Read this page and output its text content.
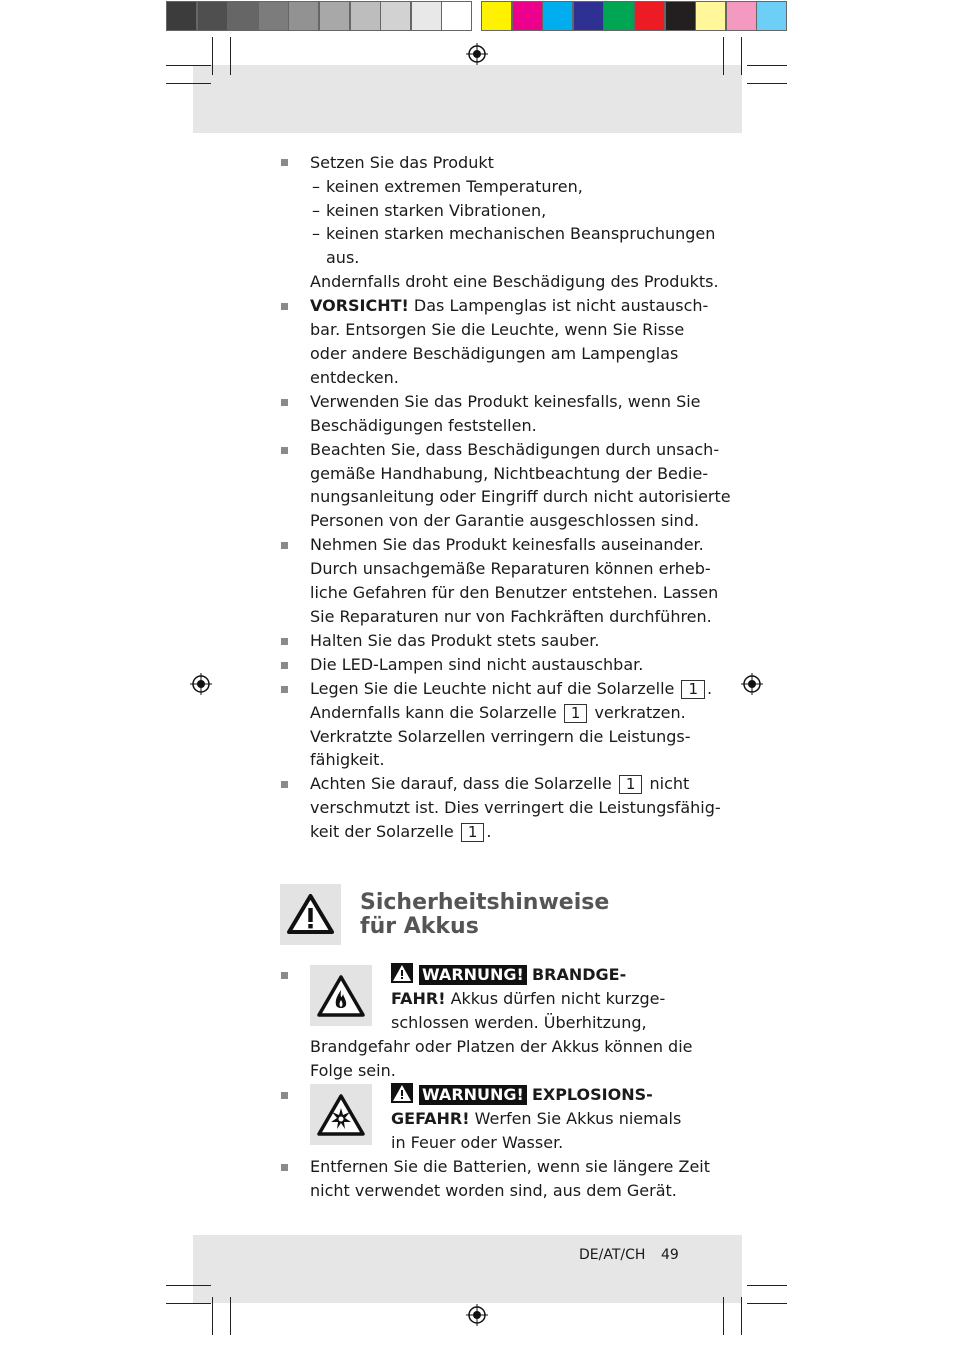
Setzen Sie das Produkt
– keinen extremen Temperaturen,
– keinen starken Vibrationen,
– keinen starken mechanischen Beanspruchungen
aus.
Andernfalls droht eine Beschädigung des Produkts.
VORSICHT! Das Lampenglas ist nicht austausch-
bar. Entsorgen Sie die Leuchte, wenn Sie Risse
oder andere Beschädigungen am Lampenglas
entdecken.
Verwenden Sie das Produkt keinesfalls, wenn Sie
Beschädigungen feststellen.
Beachten Sie, dass Beschädigungen durch unsach-
gemäße Handhabung, Nichtbeachtung der Bedie-
nungsanleitung oder Eingriff durch nicht autorisierte
Personen von der Garantie ausgeschlossen sind.
Nehmen Sie das Produkt keinesfalls auseinander.
Durch unsachgemäße Reparaturen können erheb-
liche Gefahren für den Benutzer entstehen. Lassen
Sie Reparaturen nur von Fachkräften durchführen.
Halten Sie das Produkt stets sauber.
Die LED-Lampen sind nicht austauschbar.
Legen Sie die Leuchte nicht auf die Solarzelle 1 .
Andernfalls kann die Solarzelle 1 verkratzen.
Verkratzte Solarzellen verringern die Leistungs-
fähigkeit.
Achten Sie darauf, dass die Solarzelle 1 nicht
verschmutzt ist. Dies verringert die Leistungsfähig-
keit der Solarzelle 1 .
Sicherheitshinweise
für Akkus
WARNUNG! BRANDGE-
FAHR! Akkus dürfen nicht kurzge-
schlossen werden. Überhitzung,
Brandgefahr oder Platzen der Akkus können die
Folge sein.
WARNUNG! EXPLOSIONS-
GEFAHR! Werfen Sie Akkus niemals
in Feuer oder Wasser.
Entfernen Sie die Batterien, wenn sie längere Zeit
nicht verwendet worden sind, aus dem Gerät.
DE/AT/CH 49
